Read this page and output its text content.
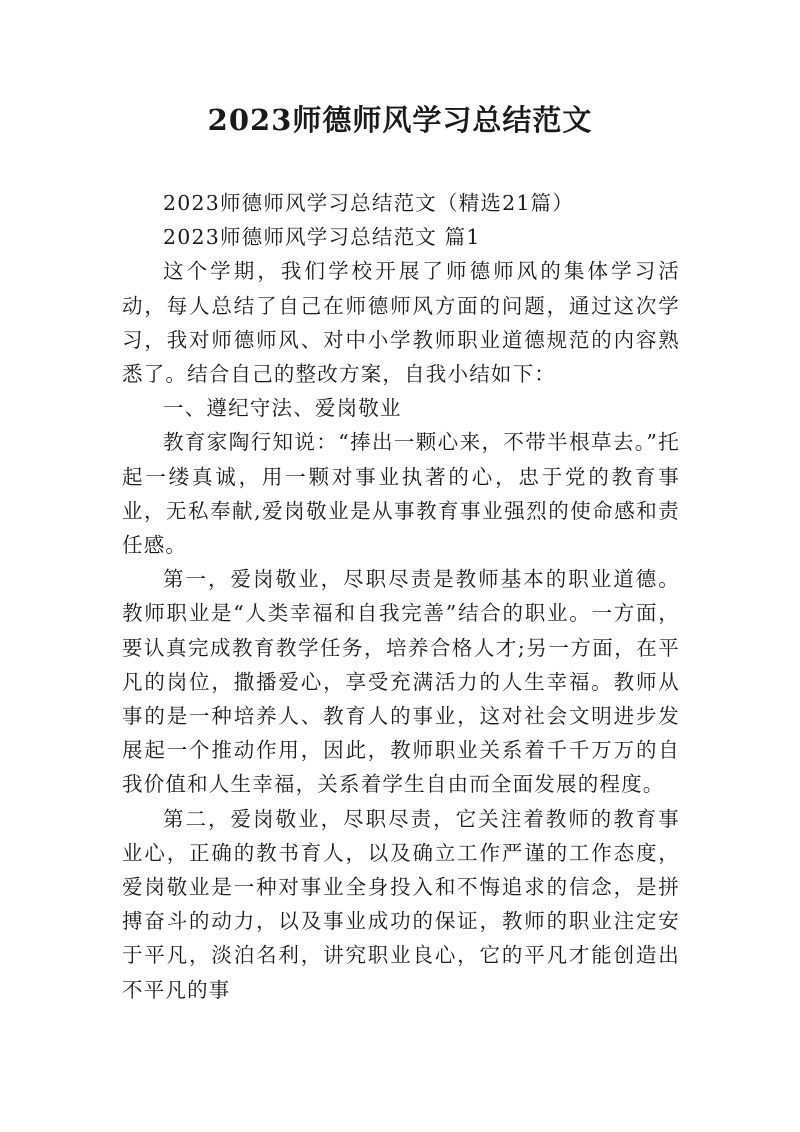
2023师德师风学习总结范文

2023师德师风学习总结范文（精选21篇）

2023师德师风学习总结范文 篇1

这个学期，我们学校开展了师德师风的集体学习活动，每人总结了自己在师德师风方面的问题，通过这次学习，我对师德师风、对中小学教师职业道德规范的内容熟悉了。结合自己的整改方案，自我小结如下：

一、遵纪守法、爱岗敬业

教育家陶行知说：“捧出一颗心来，不带半根草去。”托起一缕真诚，用一颗对事业执著的心，忠于党的教育事业，无私奉献,爱岗敬业是从事教育事业强烈的使命感和责任感。

第一，爱岗敬业，尽职尽责是教师基本的职业道德。教师职业是“人类幸福和自我完善”结合的职业。一方面，要认真完成教育教学任务，培养合格人才;另一方面，在平凡的岗位，撒播爱心，享受充满活力的人生幸福。教师从事的是一种培养人、教育人的事业，这对社会文明进步发展起一个推动作用，因此，教师职业关系着千千万万的自我价值和人生幸福，关系着学生自由而全面发展的程度。

第二，爱岗敬业，尽职尽责，它关注着教师的教育事业心，正确的教书育人，以及确立工作严谨的工作态度，爱岗敬业是一种对事业全身投入和不悔追求的信念，是拼搏奋斗的动力，以及事业成功的保证，教师的职业注定安于平凡，淡泊名利，讲究职业良心，它的平凡才能创造出不平凡的事
